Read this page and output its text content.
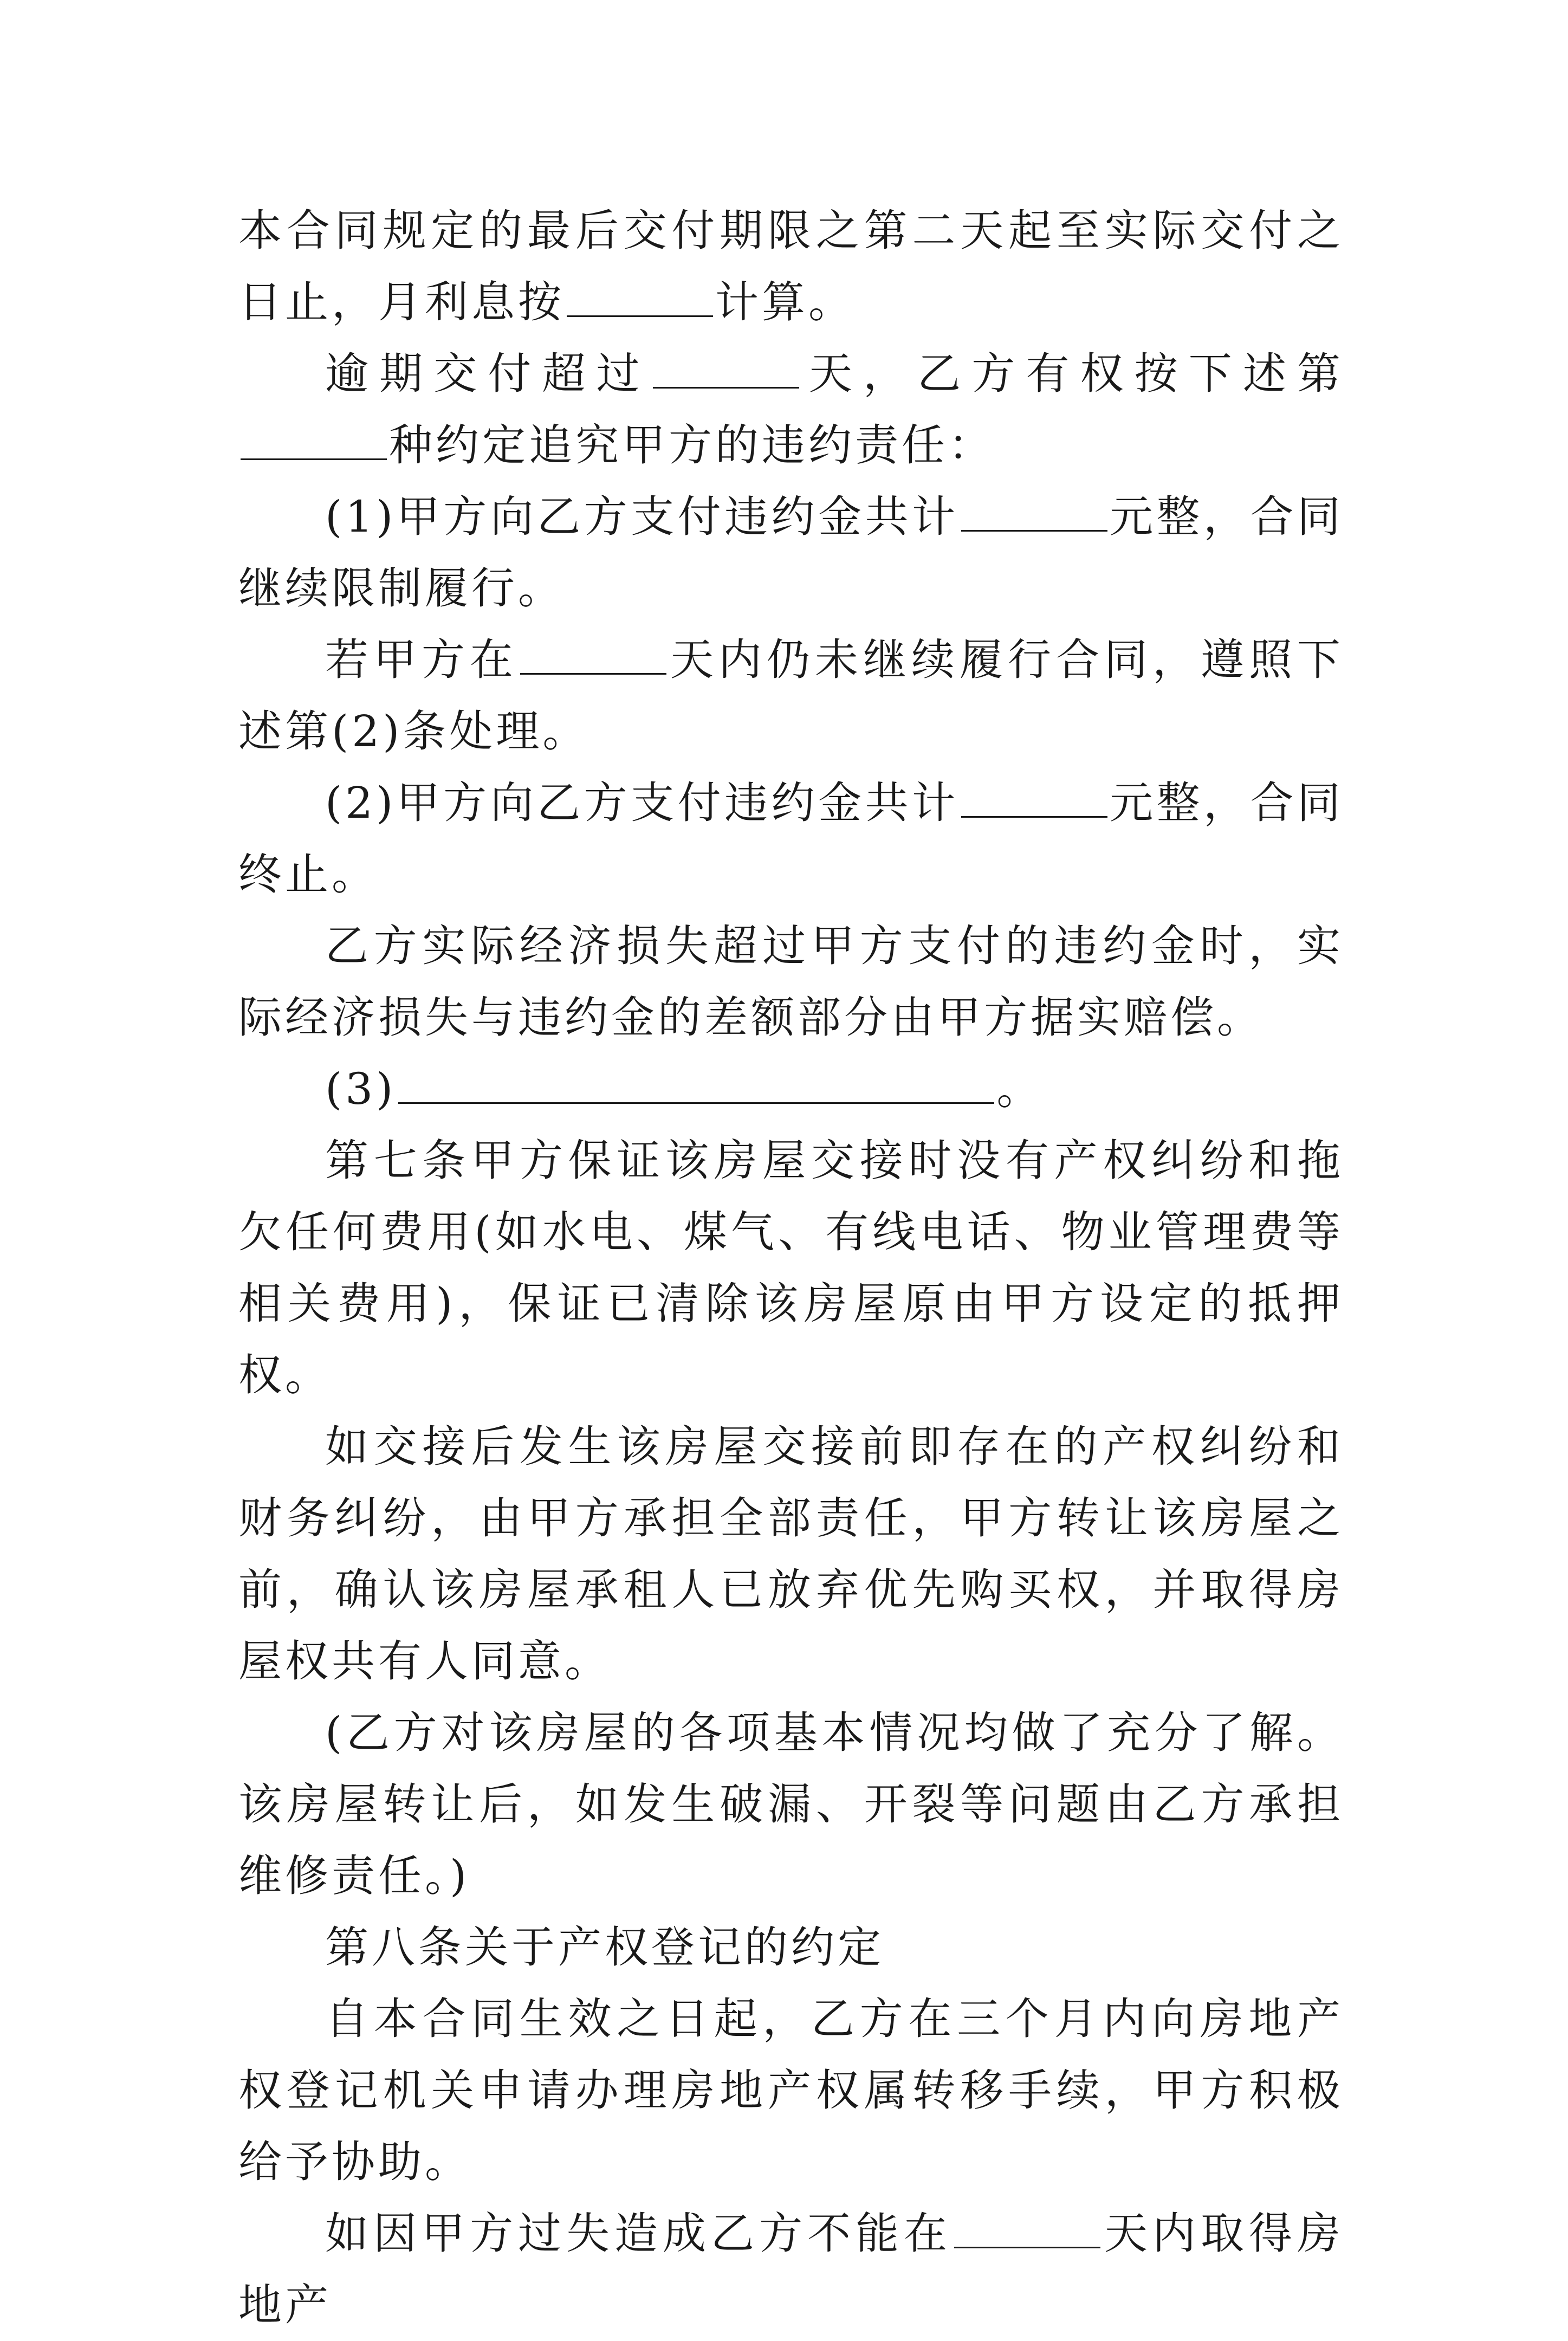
本合同规定的最后交付期限之第二天起至实际交付之日止，月利息按	计算。

逾期交付超过	天，乙方有权按下述第种约定追究甲方的违约责任：

(1)甲方向乙方支付违约金共计	元整，合同继续限制履行。

若甲方在	天内仍未继续履行合同，遵照下述第(2)条处理。

(2)甲方向乙方支付违约金共计	元整，合同终止。

乙方实际经济损失超过甲方支付的违约金时，实际经济损失与违约金的差额部分由甲方据实赔偿。

(3)	。

第七条甲方保证该房屋交接时没有产权纠纷和拖欠任何费用(如水电、煤气、有线电话、物业管理费等相关费用)，保证已清除该房屋原由甲方设定的抵押权。

如交接后发生该房屋交接前即存在的产权纠纷和财务纠纷，由甲方承担全部责任，甲方转让该房屋之前，确认该房屋承租人已放弃优先购买权，并取得房屋权共有人同意。

(乙方对该房屋的各项基本情况均做了充分了解。该房屋转让后，如发生破漏、开裂等问题由乙方承担维修责任。)

第八条关于产权登记的约定

自本合同生效之日起，乙方在三个月内向房地产权登记机关申请办理房地产权属转移手续，甲方积极给予协助。

如因甲方过失造成乙方不能在	天内取得房地产
